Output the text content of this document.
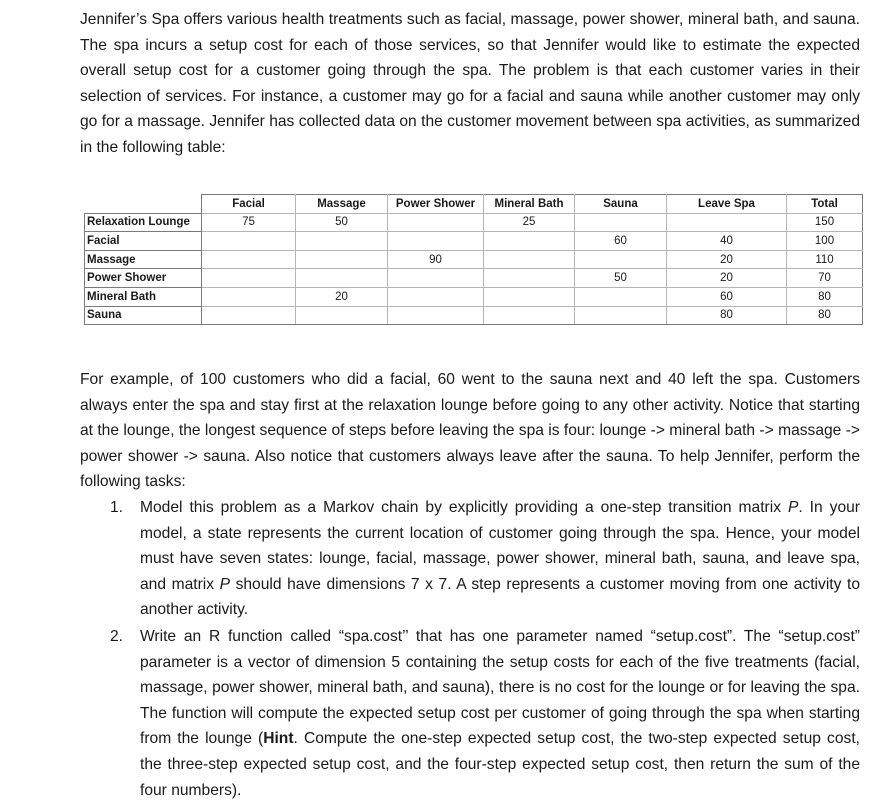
Jennifer’s Spa offers various health treatments such as facial, massage, power shower, mineral bath, and sauna. The spa incurs a setup cost for each of those services, so that Jennifer would like to estimate the expected overall setup cost for a customer going through the spa. The problem is that each customer varies in their selection of services. For instance, a customer may go for a facial and sauna while another customer may only go for a massage. Jennifer has collected data on the customer movement between spa activities, as summarized in the following table:
	Facial	Massage	Power Shower	Mineral Bath	Sauna	Leave Spa	Total
Relaxation Lounge	75	50		25			150
Facial					60	40	100
Massage			90			20	110
Power Shower					50	20	70
Mineral Bath		20				60	80
Sauna						80	80
For example, of 100 customers who did a facial, 60 went to the sauna next and 40 left the spa. Customers always enter the spa and stay first at the relaxation lounge before going to any other activity. Notice that starting at the lounge, the longest sequence of steps before leaving the spa is four: lounge -> mineral bath -> massage -> power shower -> sauna. Also notice that customers always leave after the sauna. To help Jennifer, perform the following tasks:
1. Model this problem as a Markov chain by explicitly providing a one-step transition matrix P. In your model, a state represents the current location of customer going through the spa. Hence, your model must have seven states: lounge, facial, massage, power shower, mineral bath, sauna, and leave spa, and matrix P should have dimensions 7 x 7. A step represents a customer moving from one activity to another activity.
2. Write an R function called “spa.cost’’ that has one parameter named “setup.cost”. The “setup.cost” parameter is a vector of dimension 5 containing the setup costs for each of the five treatments (facial, massage, power shower, mineral bath, and sauna), there is no cost for the lounge or for leaving the spa. The function will compute the expected setup cost per customer of going through the spa when starting from the lounge (Hint. Compute the one-step expected setup cost, the two-step expected setup cost, the three-step expected setup cost, and the four-step expected setup cost, then return the sum of the four numbers).
